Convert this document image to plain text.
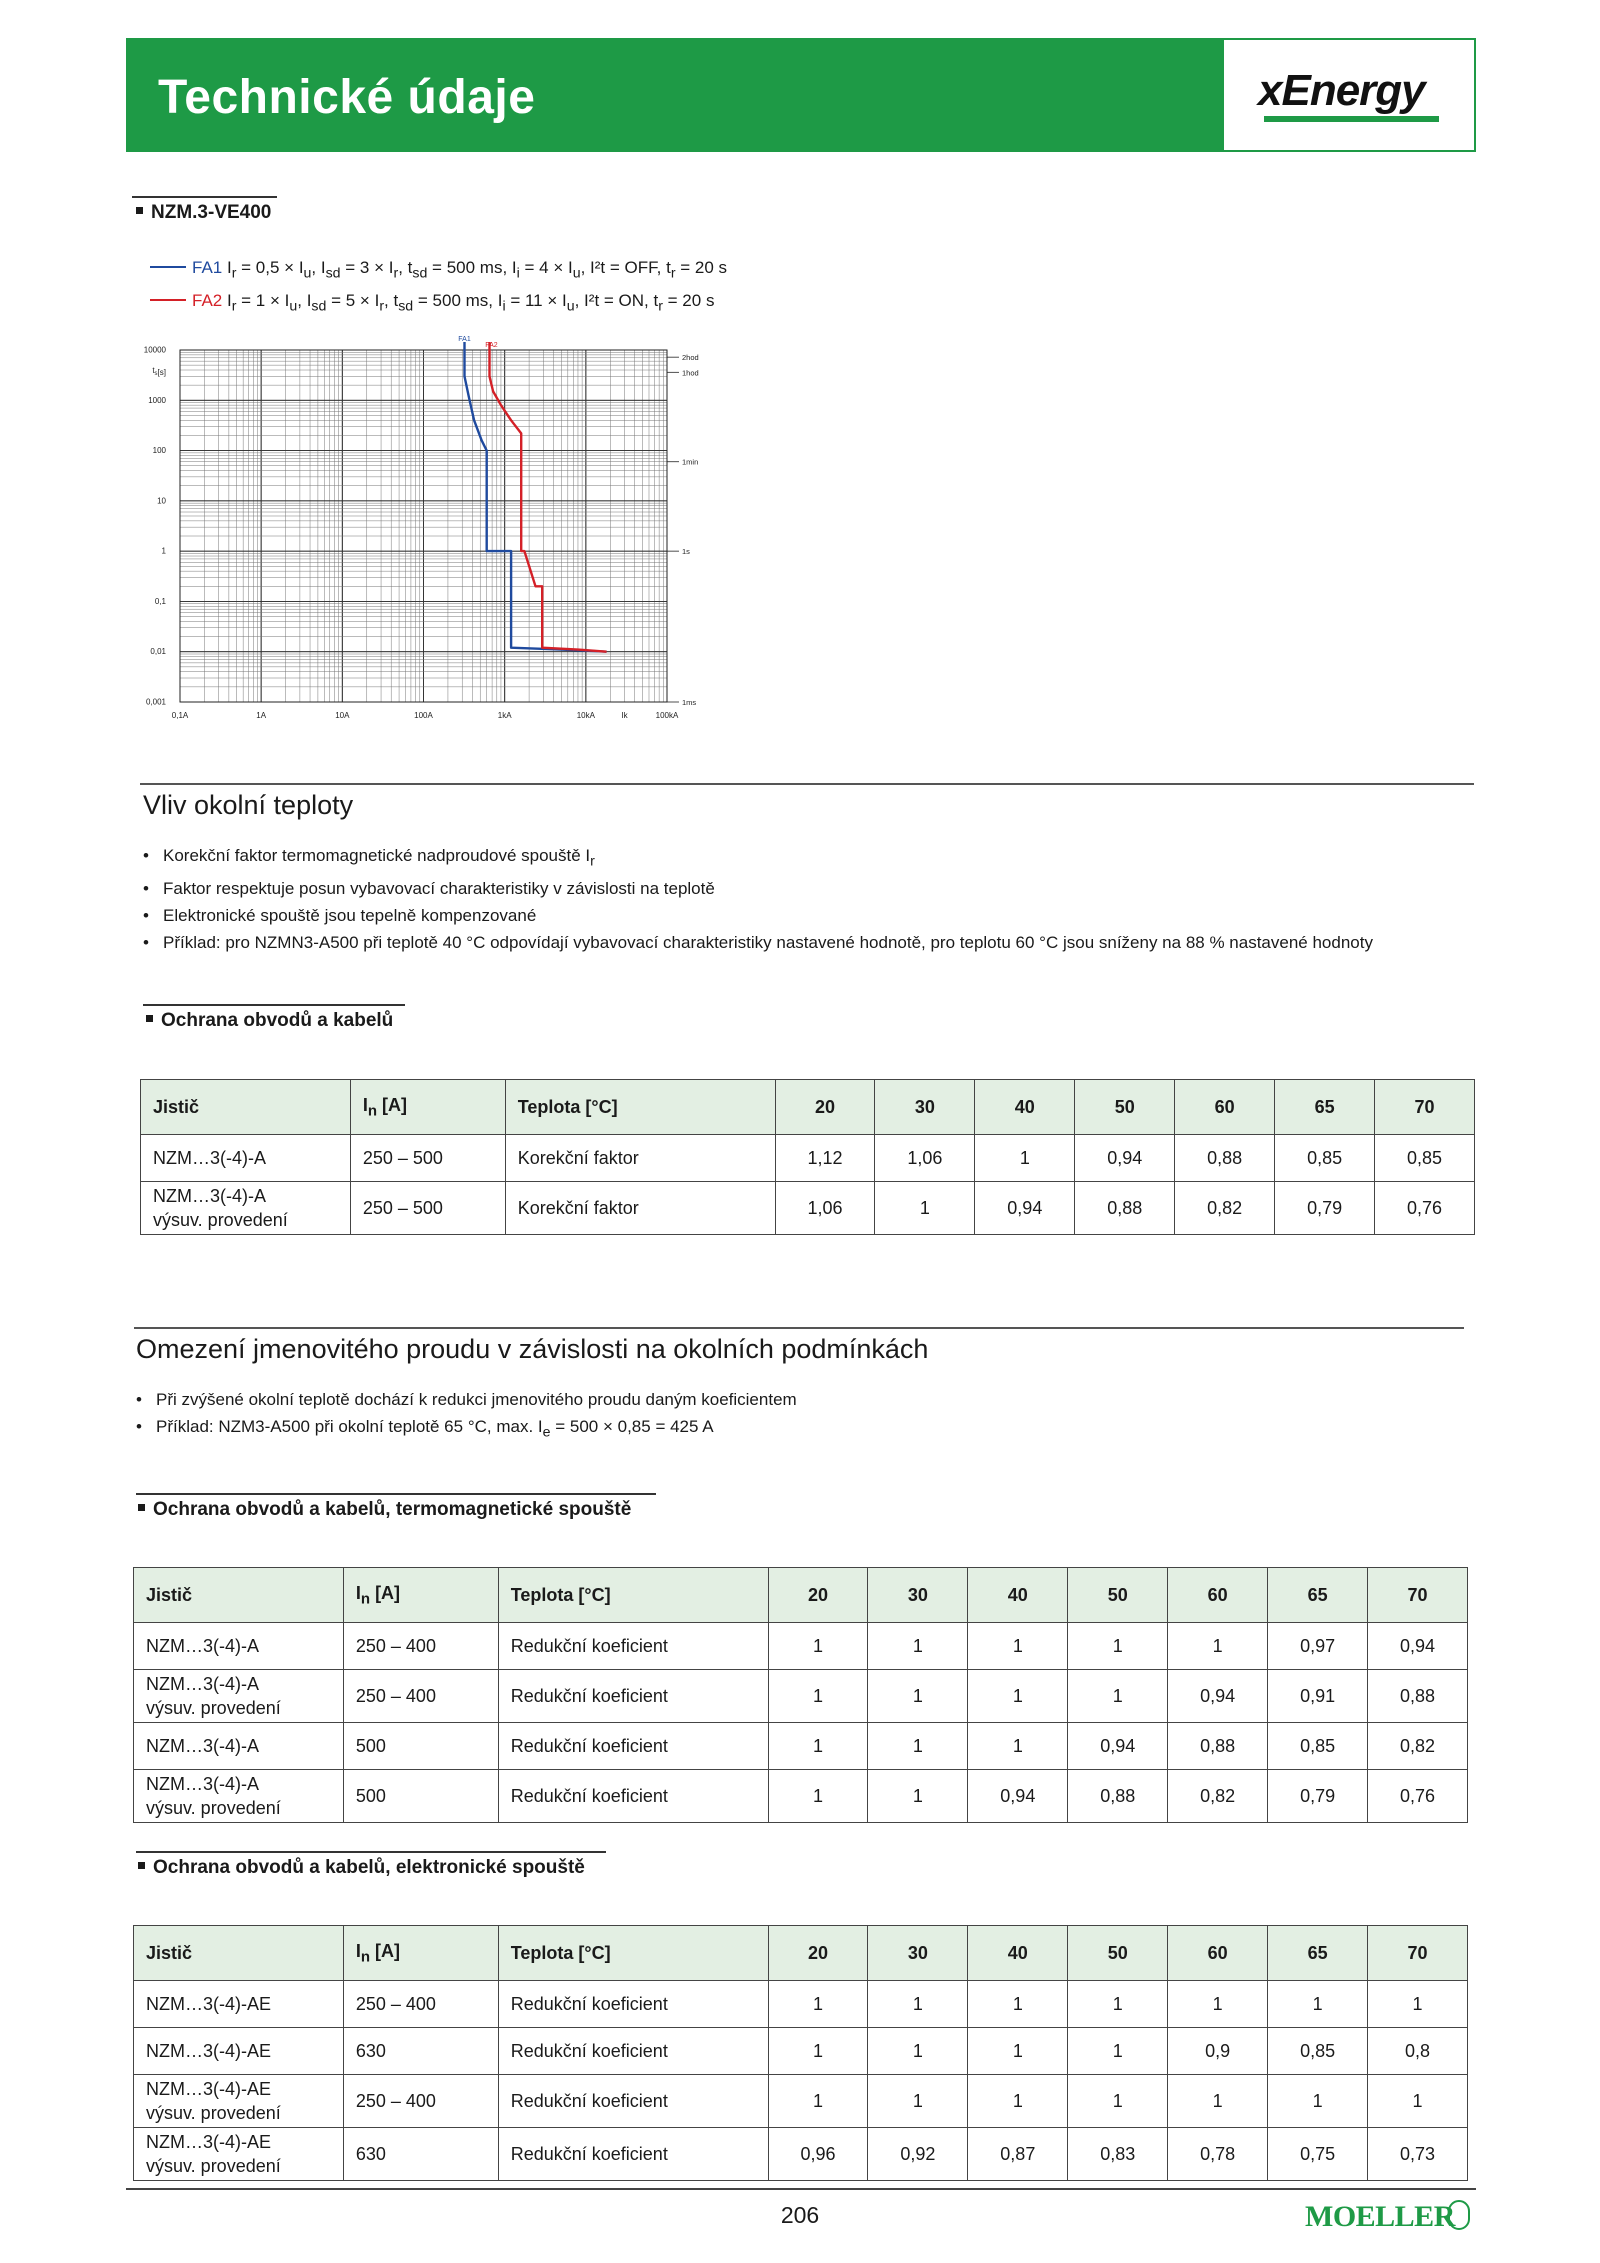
Technické údaje	xEnergy
NZM.3-VE400
FA1 $I_r = 0,5 \times I_u$, $I_{sd} = 3 \times I_r$, $t_{sd} = 500$ ms, $I_i = 4 \times I_u$, I²t = OFF, $t_r = 20$ s
FA2 $I_r = 1 \times I_u$, $I_{sd} = 5 \times I_r$, $t_{sd} = 500$ ms, $I_i = 11 \times I_u$, I²t = ON, $t_r = 20$ s
10000
1000
100
10
1
0,1
0,01
0,001
$t_s[s]$
0,1A	1A	10A	100A	1kA	10kA	Ik	100kA
2hod
1hod
1min
1s
1ms
FA1
FA2
Vliv okolní teploty
• Korekční faktor termomagnetické nadproudové spouště $I_r$
• Faktor respektuje posun vybavovací charakteristiky v závislosti na teplotě
• Elektronické spouště jsou tepelně kompenzované
• Příklad: pro NZMN3-A500 při teplotě 40 °C odpovídají vybavovací charakteristiky nastavené hodnotě, pro teplotu 60 °C jsou sníženy na 88 % nastavené hodnoty
Ochrana obvodů a kabelů
Jistič	$I_n$ [A]	Teplota [°C]	20	30	40	50	60	65	70
NZM…3(-4)-A	250 – 500	Korekční faktor	1,12	1,06	1	0,94	0,88	0,85	0,85
NZM…3(-4)-A
výsuv. provedení	250 – 500	Korekční faktor	1,06	1	0,94	0,88	0,82	0,79	0,76
Omezení jmenovitého proudu v závislosti na okolních podmínkách
• Při zvýšené okolní teplotě dochází k redukci jmenovitého proudu daným koeficientem
• Příklad: NZM3-A500 při okolní teplotě 65 °C, max. $I_e = 500 \times 0,85 = 425$ A
Ochrana obvodů a kabelů, termomagnetické spouště
Jistič	$I_n$ [A]	Teplota [°C]	20	30	40	50	60	65	70
NZM…3(-4)-A	250 – 400	Redukční koeficient	1	1	1	1	1	0,97	0,94
NZM…3(-4)-A
výsuv. provedení	250 – 400	Redukční koeficient	1	1	1	1	0,94	0,91	0,88
NZM…3(-4)-A	500	Redukční koeficient	1	1	1	0,94	0,88	0,85	0,82
NZM…3(-4)-A
výsuv. provedení	500	Redukční koeficient	1	1	0,94	0,88	0,82	0,79	0,76
Ochrana obvodů a kabelů, elektronické spouště
Jistič	$I_n$ [A]	Teplota [°C]	20	30	40	50	60	65	70
NZM…3(-4)-AE	250 – 400	Redukční koeficient	1	1	1	1	1	1	1
NZM…3(-4)-AE	630	Redukční koeficient	1	1	1	1	0,9	0,85	0,8
NZM…3(-4)-AE
výsuv. provedení	250 – 400	Redukční koeficient	1	1	1	1	1	1	1
NZM…3(-4)-AE
výsuv. provedení	630	Redukční koeficient	0,96	0,92	0,87	0,83	0,78	0,75	0,73
206	MOELLER
